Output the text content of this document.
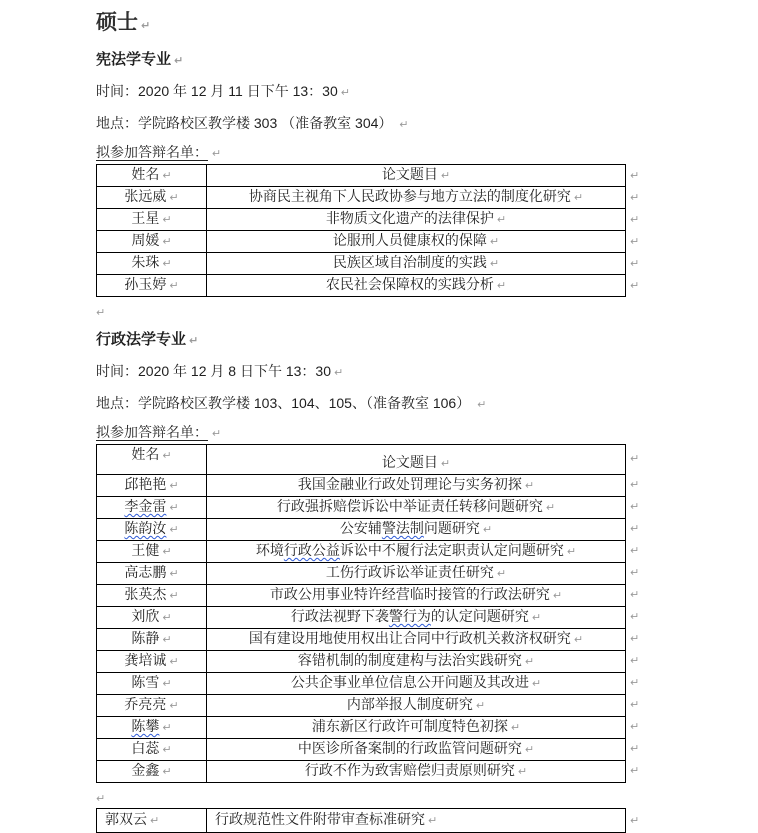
硕士 ↵
宪法学专业 ↵

时间：2020 年 12 月 11 日下午 13：30 ↵

地点：学院路校区教学楼 303 （准备教室 304） ↵

拟参加答辩名单： ↵

姓名 ↵	论文题目 ↵
张远威 ↵	协商民主视角下人民政协参与地方立法的制度化研究 ↵
王星 ↵	非物质文化遗产的法律保护 ↵
周媛 ↵	论服刑人员健康权的保障 ↵
朱珠 ↵	民族区域自治制度的实践 ↵
孙玉婷 ↵	农民社会保障权的实践分析 ↵
↵
↵
↵
↵
↵
↵

↵

行政法学专业 ↵

时间：2020 年 12 月 8 日下午 13：30 ↵

地点：学院路校区教学楼 103、104、105、（准备教室 106） ↵

拟参加答辩名单： ↵

姓名 ↵	论文题目 ↵
邱艳艳 ↵	我国金融业行政处罚理论与实务初探 ↵
李金雷 ↵	行政强拆赔偿诉讼中举证责任转移问题研究 ↵
陈韵汝 ↵	公安辅警法制问题研究 ↵
王健 ↵	环境行政公益诉讼中不履行法定职责认定问题研究 ↵
高志鹏 ↵	工伤行政诉讼举证责任研究 ↵
张英杰 ↵	市政公用事业特许经营临时接管的行政法研究 ↵
刘欣 ↵	行政法视野下袭警行为的认定问题研究 ↵
陈静 ↵	国有建设用地使用权出让合同中行政机关救济权研究 ↵
龚培诚 ↵	容错机制的制度建构与法治实践研究 ↵
陈雪 ↵	公共企事业单位信息公开问题及其改进 ↵
乔亮亮 ↵	内部举报人制度研究 ↵
陈攀 ↵	浦东新区行政许可制度特色初探 ↵
白蕊 ↵	中医诊所备案制的行政监管问题研究 ↵
金鑫 ↵	行政不作为致害赔偿归责原则研究 ↵
↵
↵
↵
↵
↵
↵
↵
↵
↵
↵
↵
↵
↵
↵
↵

↵

郭双云 ↵	行政规范性文件附带审查标准研究 ↵	↵
